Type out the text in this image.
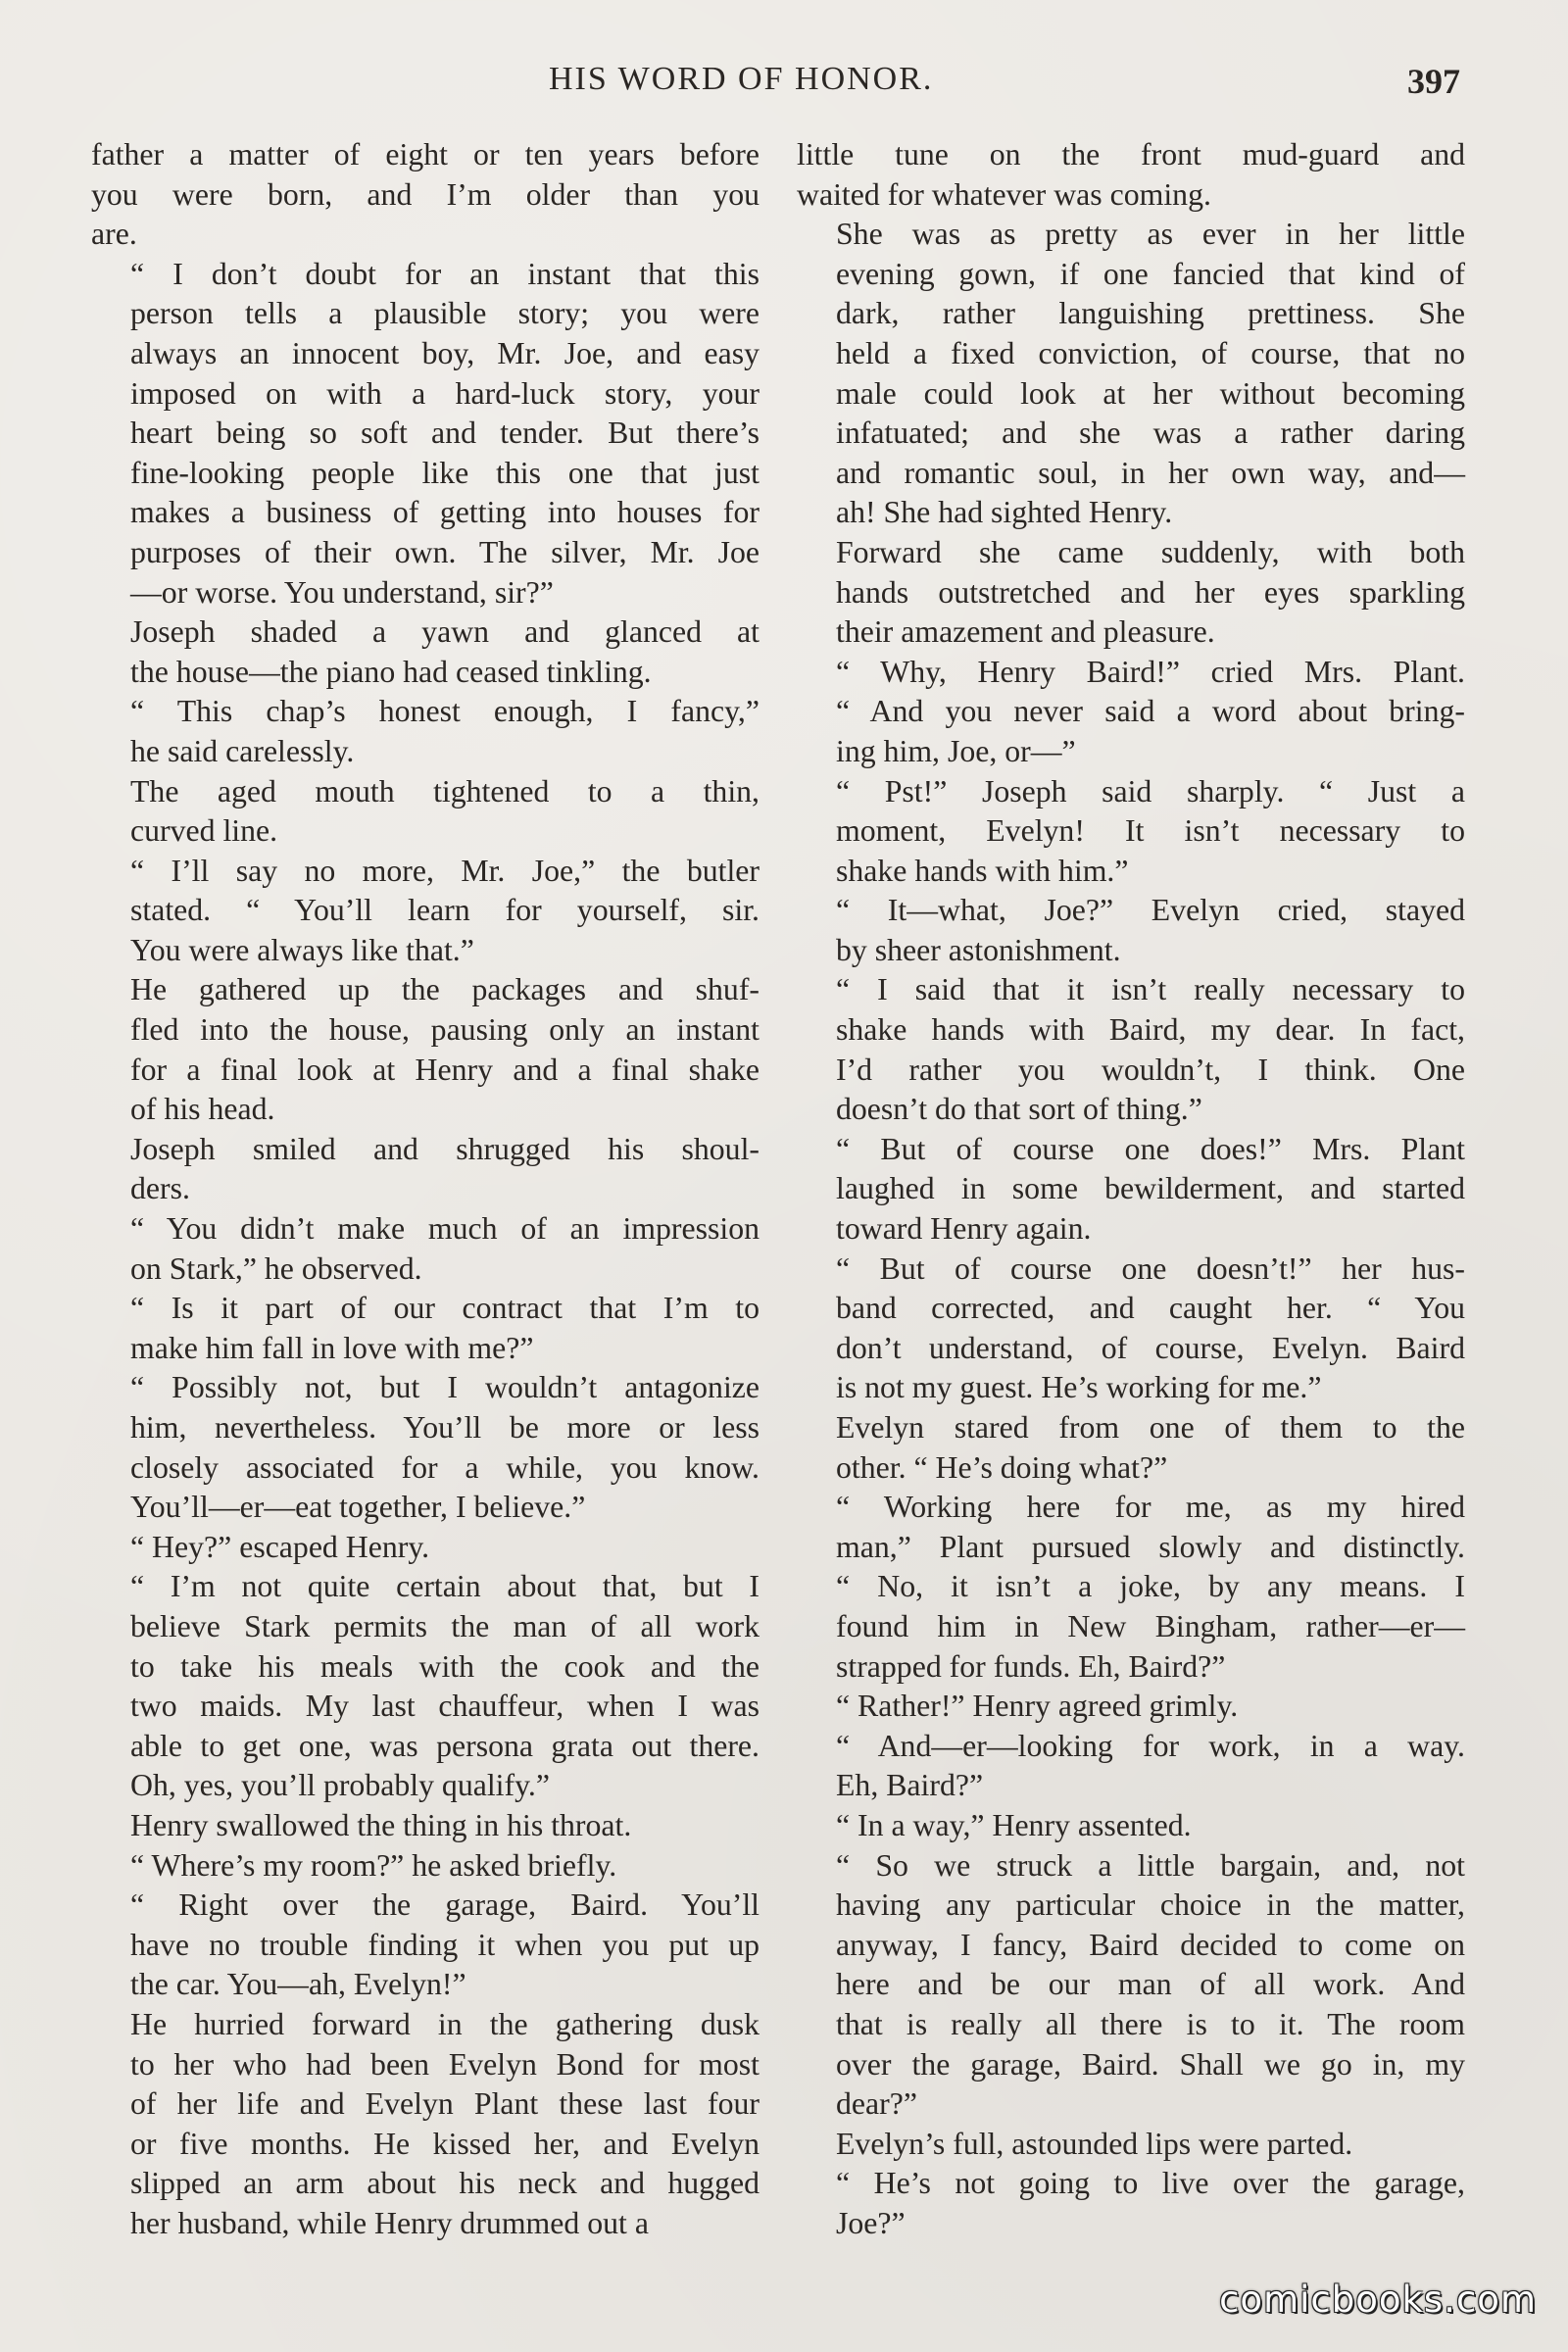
HIS WORD OF HONOR.	397

father a matter of eight or ten years before
you were born, and I’m older than you
are.

“ I don’t doubt for an instant that this
person tells a plausible story; you were
always an innocent boy, Mr. Joe, and easy
imposed on with a hard-luck story, your
heart being so soft and tender. But there’s
fine-looking people like this one that just
makes a business of getting into houses for
purposes of their own. The silver, Mr. Joe
—or worse. You understand, sir?”

Joseph shaded a yawn and glanced at
the house—the piano had ceased tinkling.

“ This chap’s honest enough, I fancy,”
he said carelessly.

The aged mouth tightened to a thin,
curved line.

“ I’ll say no more, Mr. Joe,” the butler
stated. “ You’ll learn for yourself, sir.
You were always like that.”

He gathered up the packages and shuf-
fled into the house, pausing only an instant
for a final look at Henry and a final shake
of his head.

Joseph smiled and shrugged his shoul-
ders.

“ You didn’t make much of an impression
on Stark,” he observed.

“ Is it part of our contract that I’m to
make him fall in love with me?”

“ Possibly not, but I wouldn’t antagonize
him, nevertheless. You’ll be more or less
closely associated for a while, you know.
You’ll—er—eat together, I believe.”

“ Hey?” escaped Henry.

“ I’m not quite certain about that, but I
believe Stark permits the man of all work
to take his meals with the cook and the
two maids. My last chauffeur, when I was
able to get one, was persona grata out there.
Oh, yes, you’ll probably qualify.”

Henry swallowed the thing in his throat.

“ Where’s my room?” he asked briefly.

“ Right over the garage, Baird. You’ll
have no trouble finding it when you put up
the car. You—ah, Evelyn!”

He hurried forward in the gathering dusk
to her who had been Evelyn Bond for most
of her life and Evelyn Plant these last four
or five months. He kissed her, and Evelyn
slipped an arm about his neck and hugged
her husband, while Henry drummed out a

little tune on the front mud-guard and
waited for whatever was coming.

She was as pretty as ever in her little
evening gown, if one fancied that kind of
dark, rather languishing prettiness. She
held a fixed conviction, of course, that no
male could look at her without becoming
infatuated; and she was a rather daring
and romantic soul, in her own way, and—
ah! She had sighted Henry.

Forward she came suddenly, with both
hands outstretched and her eyes sparkling
their amazement and pleasure.

“ Why, Henry Baird!” cried Mrs. Plant.
“ And you never said a word about bring-
ing him, Joe, or—”

“ Pst!” Joseph said sharply. “ Just a
moment, Evelyn! It isn’t necessary to
shake hands with him.”

“ It—what, Joe?” Evelyn cried, stayed
by sheer astonishment.

“ I said that it isn’t really necessary to
shake hands with Baird, my dear. In fact,
I’d rather you wouldn’t, I think. One
doesn’t do that sort of thing.”

“ But of course one does!” Mrs. Plant
laughed in some bewilderment, and started
toward Henry again.

“ But of course one doesn’t!” her hus-
band corrected, and caught her. “ You
don’t understand, of course, Evelyn. Baird
is not my guest. He’s working for me.”

Evelyn stared from one of them to the
other. “ He’s doing what?”

“ Working here for me, as my hired
man,” Plant pursued slowly and distinctly.
“ No, it isn’t a joke, by any means. I
found him in New Bingham, rather—er—
strapped for funds. Eh, Baird?”

“ Rather!” Henry agreed grimly.

“ And—er—looking for work, in a way.
Eh, Baird?”

“ In a way,” Henry assented.

“ So we struck a little bargain, and, not
having any particular choice in the matter,
anyway, I fancy, Baird decided to come on
here and be our man of all work. And
that is really all there is to it. The room
over the garage, Baird. Shall we go in, my
dear?”

Evelyn’s full, astounded lips were parted.

“ He’s not going to live over the garage,
Joe?”

comicbooks.com
